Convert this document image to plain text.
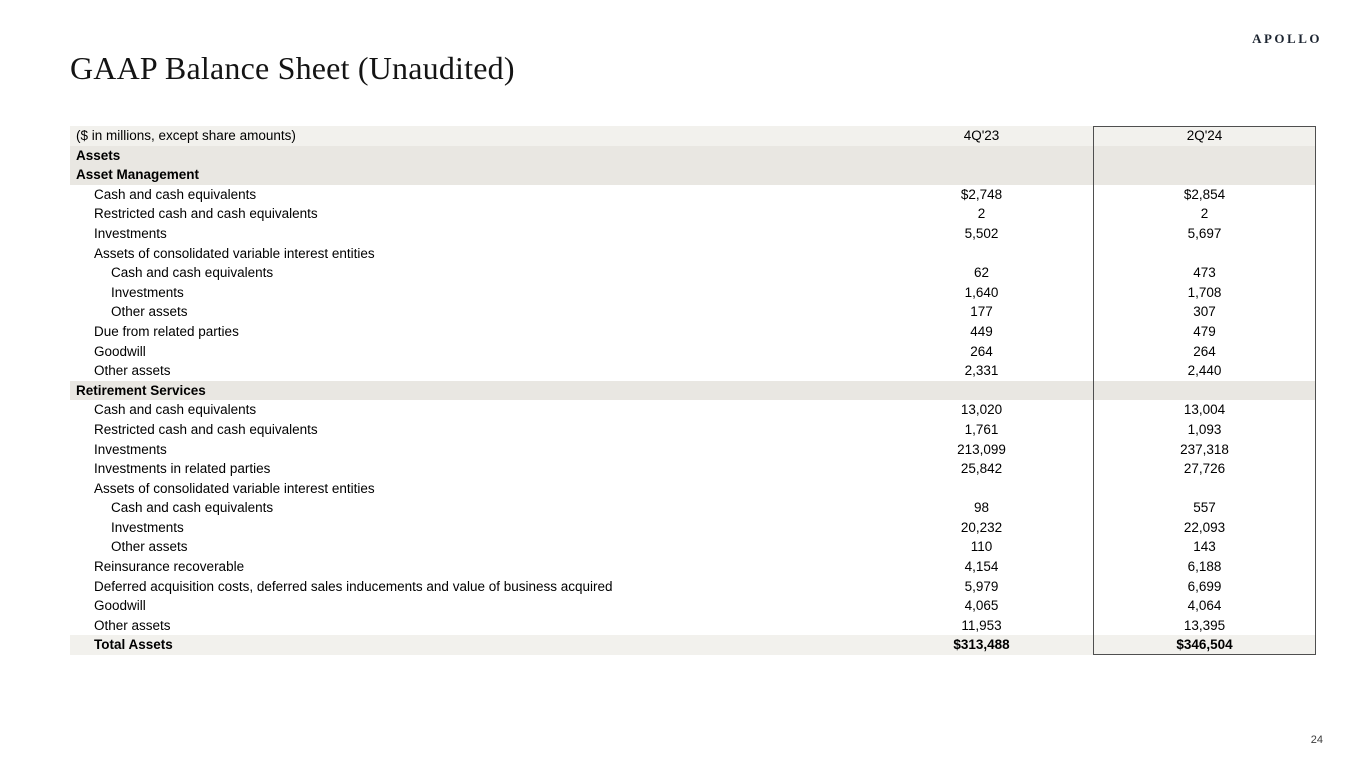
APOLLO
GAAP Balance Sheet (Unaudited)
($ in millions, except share amounts)	4Q'23	2Q'24
Assets
Asset Management
Cash and cash equivalents	$2,748	$2,854
Restricted cash and cash equivalents	2	2
Investments	5,502	5,697
Assets of consolidated variable interest entities
Cash and cash equivalents	62	473
Investments	1,640	1,708
Other assets	177	307
Due from related parties	449	479
Goodwill	264	264
Other assets	2,331	2,440
Retirement Services
Cash and cash equivalents	13,020	13,004
Restricted cash and cash equivalents	1,761	1,093
Investments	213,099	237,318
Investments in related parties	25,842	27,726
Assets of consolidated variable interest entities
Cash and cash equivalents	98	557
Investments	20,232	22,093
Other assets	110	143
Reinsurance recoverable	4,154	6,188
Deferred acquisition costs, deferred sales inducements and value of business acquired	5,979	6,699
Goodwill	4,065	4,064
Other assets	11,953	13,395
Total Assets	$313,488	$346,504
24
